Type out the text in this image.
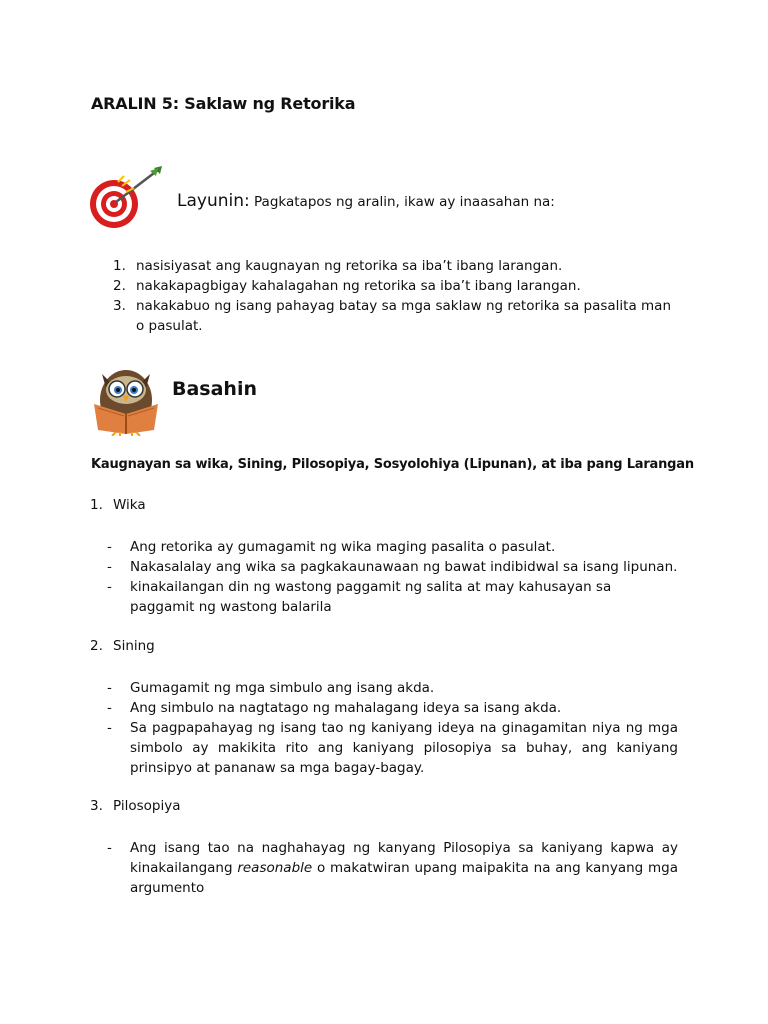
ARALIN 5: Saklaw ng Retorika
Layunin: Pagkatapos ng aralin, ikaw ay inaasahan na:
1. nasisiyasat ang kaugnayan ng retorika sa iba’t ibang larangan.
2. nakakapagbigay kahalagahan ng retorika sa iba’t ibang larangan.
3. nakakabuo ng isang pahayag batay sa mga saklaw ng retorika sa pasalita man o pasulat.
Basahin
Kaugnayan sa wika, Sining, Pilosopiya, Sosyolohiya (Lipunan), at iba pang Larangan
1. Wika
- Ang retorika ay gumagamit ng wika maging pasalita o pasulat.
- Nakasalalay ang wika sa pagkakaunawaan ng bawat indibidwal sa isang lipunan.
- kinakailangan din ng wastong paggamit ng salita at may kahusayan sa paggamit ng wastong balarila
2. Sining
- Gumagamit ng mga simbulo ang isang akda.
- Ang simbulo na nagtatago ng mahalagang ideya sa isang akda.
- Sa pagpapahayag ng isang tao ng kaniyang ideya na ginagamitan niya ng mga simbolo ay makikita rito ang kaniyang pilosopiya sa buhay, ang kaniyang prinsipyo at pananaw sa mga bagay-bagay.
3. Pilosopiya
- Ang isang tao na naghahayag ng kanyang Pilosopiya sa kaniyang kapwa ay kinakailangang reasonable o makatwiran upang maipakita na ang kanyang mga argumento
